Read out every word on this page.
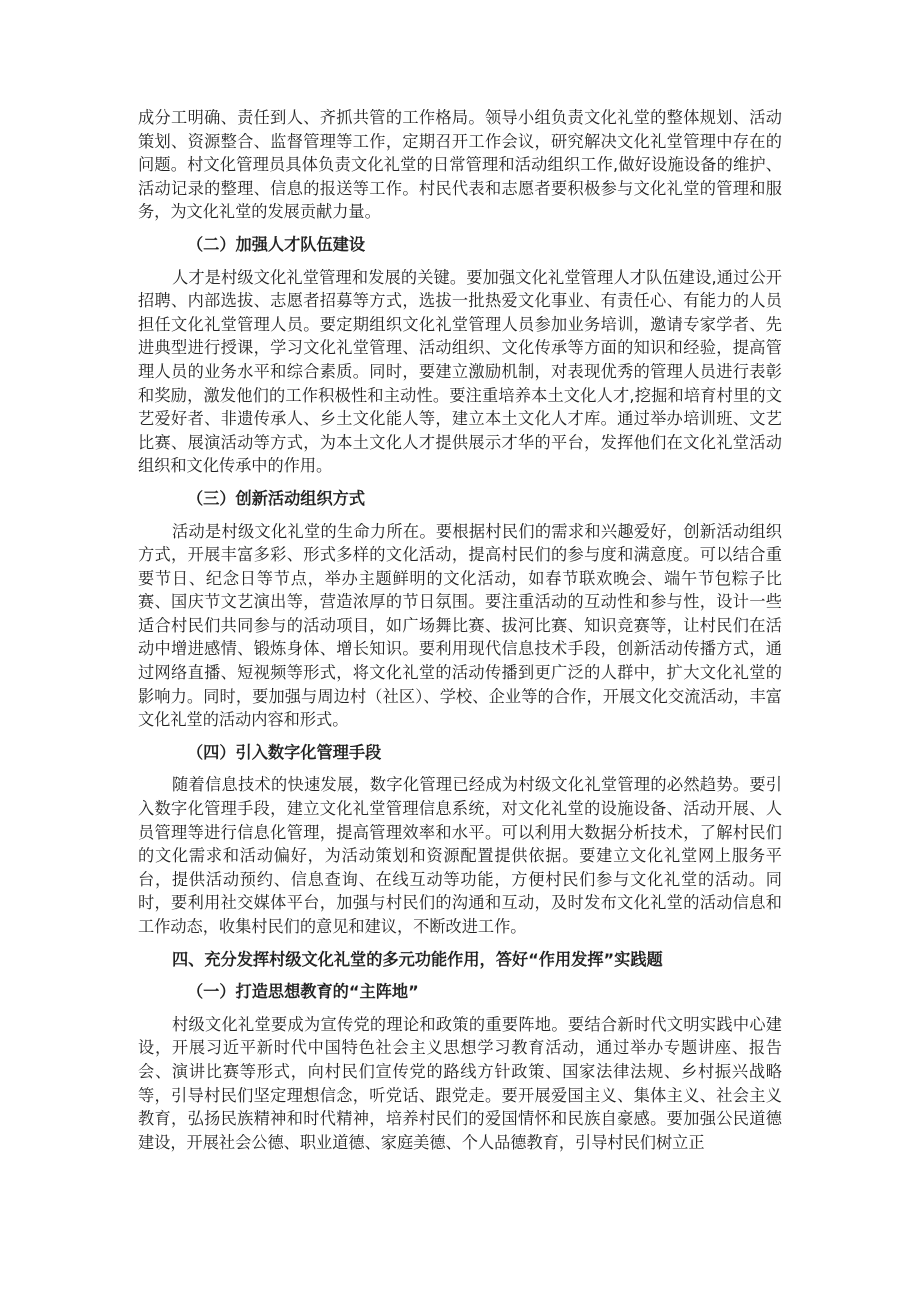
成分工明确、责任到人、齐抓共管的工作格局。领导小组负责文化礼堂的整体规划、活动策划、资源整合、监督管理等工作，定期召开工作会议，研究解决文化礼堂管理中存在的问题。村文化管理员具体负责文化礼堂的日常管理和活动组织工作,做好设施设备的维护、活动记录的整理、信息的报送等工作。村民代表和志愿者要积极参与文化礼堂的管理和服务，为文化礼堂的发展贡献力量。

（二）加强人才队伍建设

人才是村级文化礼堂管理和发展的关键。要加强文化礼堂管理人才队伍建设,通过公开招聘、内部选拔、志愿者招募等方式，选拔一批热爱文化事业、有责任心、有能力的人员担任文化礼堂管理人员。要定期组织文化礼堂管理人员参加业务培训，邀请专家学者、先进典型进行授课，学习文化礼堂管理、活动组织、文化传承等方面的知识和经验，提高管理人员的业务水平和综合素质。同时，要建立激励机制，对表现优秀的管理人员进行表彰和奖励，激发他们的工作积极性和主动性。要注重培养本土文化人才,挖掘和培育村里的文艺爱好者、非遗传承人、乡土文化能人等，建立本土文化人才库。通过举办培训班、文艺比赛、展演活动等方式，为本土文化人才提供展示才华的平台，发挥他们在文化礼堂活动组织和文化传承中的作用。

（三）创新活动组织方式

活动是村级文化礼堂的生命力所在。要根据村民们的需求和兴趣爱好，创新活动组织方式，开展丰富多彩、形式多样的文化活动，提高村民们的参与度和满意度。可以结合重要节日、纪念日等节点，举办主题鲜明的文化活动，如春节联欢晚会、端午节包粽子比赛、国庆节文艺演出等，营造浓厚的节日氛围。要注重活动的互动性和参与性，设计一些适合村民们共同参与的活动项目，如广场舞比赛、拔河比赛、知识竞赛等，让村民们在活动中增进感情、锻炼身体、增长知识。要利用现代信息技术手段，创新活动传播方式，通过网络直播、短视频等形式，将文化礼堂的活动传播到更广泛的人群中，扩大文化礼堂的影响力。同时，要加强与周边村（社区）、学校、企业等的合作，开展文化交流活动，丰富文化礼堂的活动内容和形式。

（四）引入数字化管理手段

随着信息技术的快速发展，数字化管理已经成为村级文化礼堂管理的必然趋势。要引入数字化管理手段，建立文化礼堂管理信息系统，对文化礼堂的设施设备、活动开展、人员管理等进行信息化管理，提高管理效率和水平。可以利用大数据分析技术，了解村民们的文化需求和活动偏好，为活动策划和资源配置提供依据。要建立文化礼堂网上服务平台，提供活动预约、信息查询、在线互动等功能，方便村民们参与文化礼堂的活动。同时，要利用社交媒体平台，加强与村民们的沟通和互动，及时发布文化礼堂的活动信息和工作动态，收集村民们的意见和建议，不断改进工作。

四、充分发挥村级文化礼堂的多元功能作用，答好“作用发挥”实践题

（一）打造思想教育的“主阵地”

村级文化礼堂要成为宣传党的理论和政策的重要阵地。要结合新时代文明实践中心建设，开展习近平新时代中国特色社会主义思想学习教育活动，通过举办专题讲座、报告会、演讲比赛等形式，向村民们宣传党的路线方针政策、国家法律法规、乡村振兴战略等，引导村民们坚定理想信念，听党话、跟党走。要开展爱国主义、集体主义、社会主义教育，弘扬民族精神和时代精神，培养村民们的爱国情怀和民族自豪感。要加强公民道德建设，开展社会公德、职业道德、家庭美德、个人品德教育，引导村民们树立正
